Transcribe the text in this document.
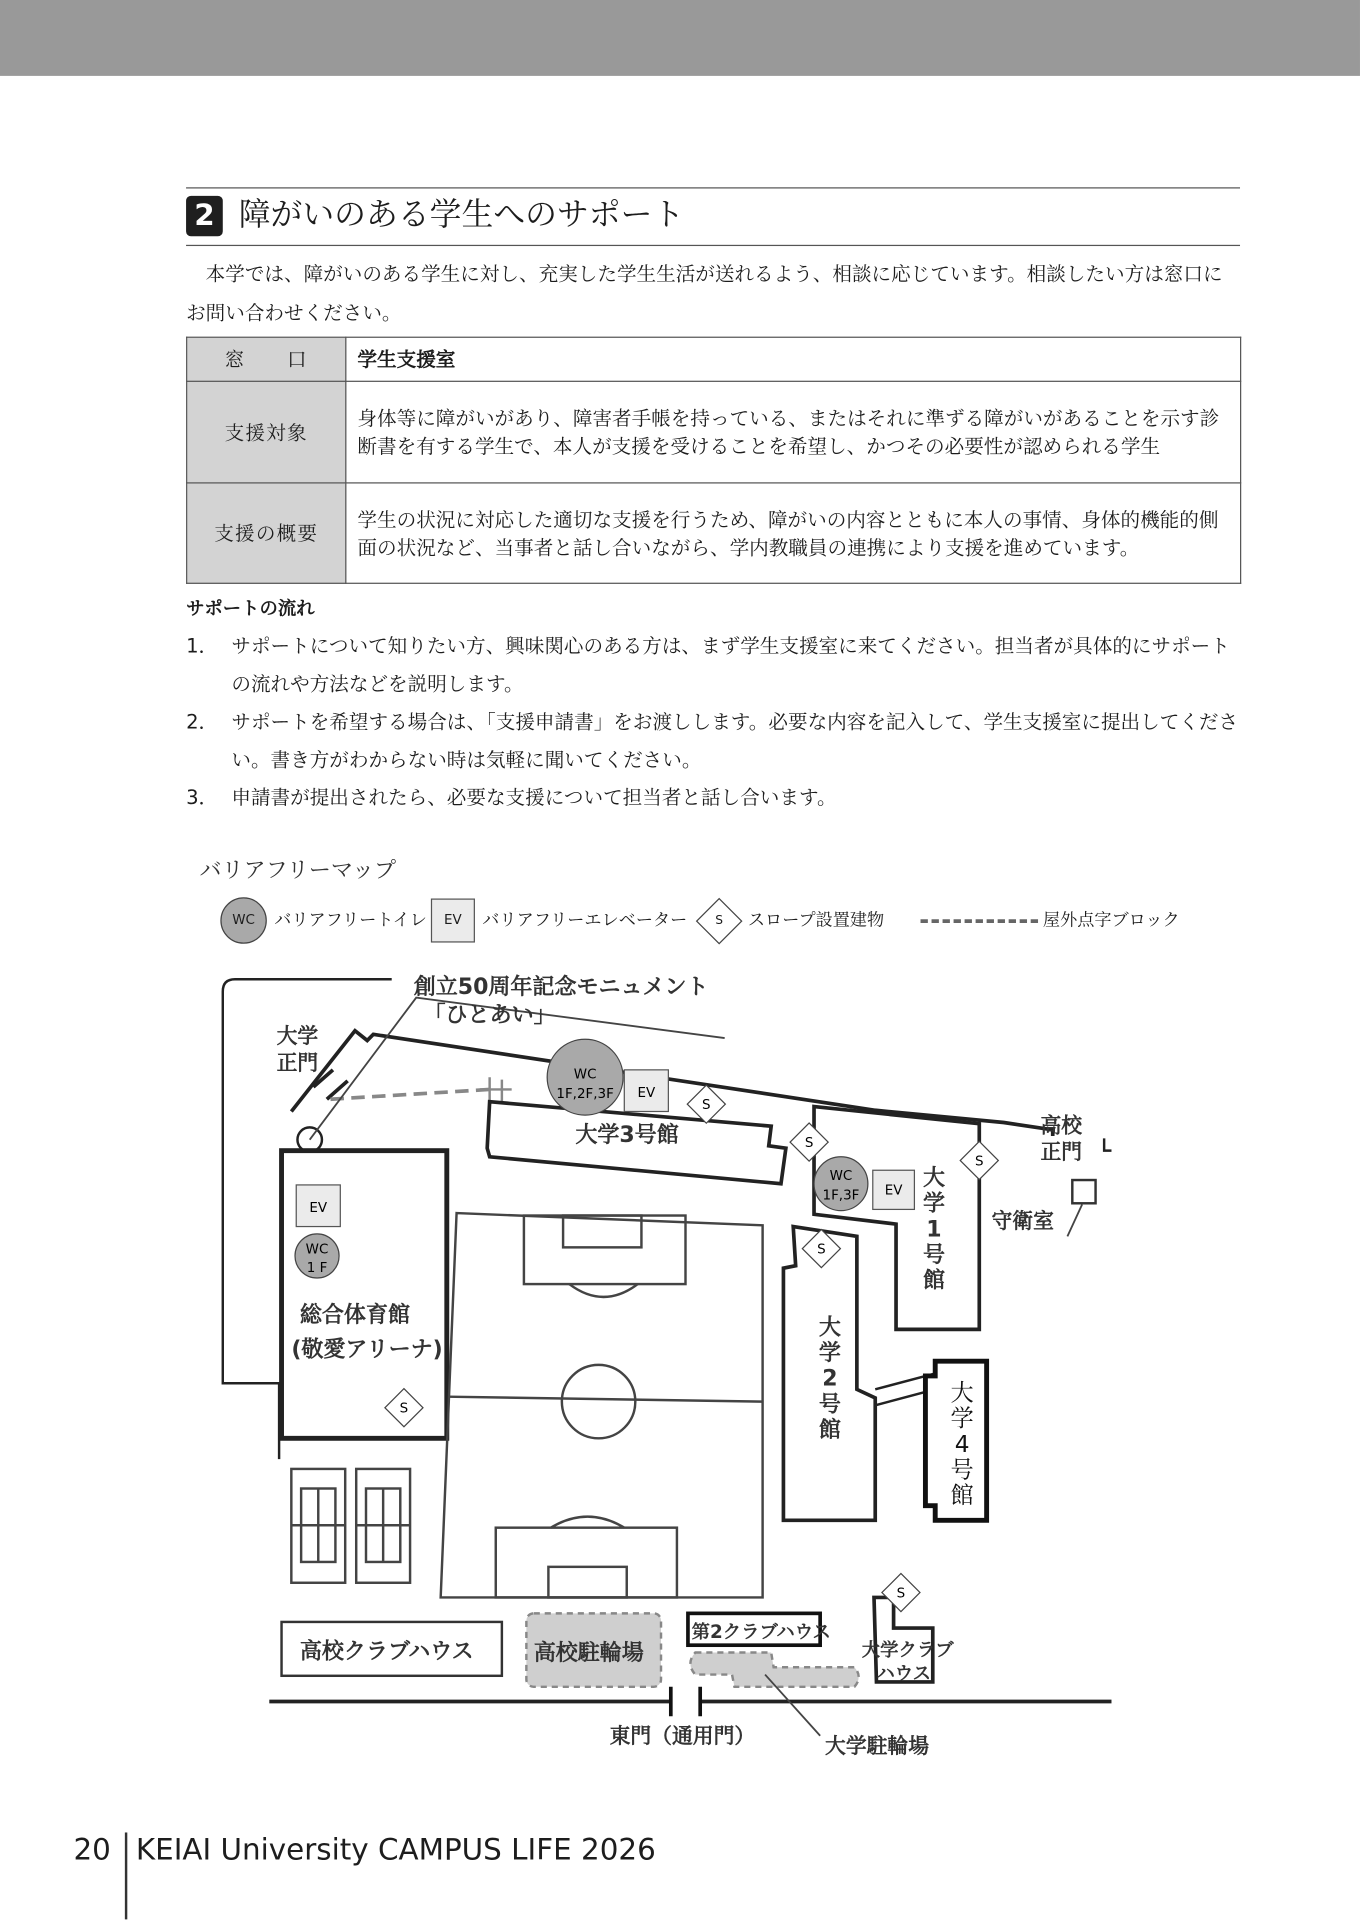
2 障がいのある学生へのサポート

本学では、障がいのある学生に対し、充実した学生生活が送れるよう、相談に応じています。相談したい方は窓口にお問い合わせください。

窓　　口	学生支援室
支援対象	身体等に障がいがあり、障害者手帳を持っている、またはそれに準ずる障がいがあることを示す診断書を有する学生で、本人が支援を受けることを希望し、かつその必要性が認められる学生
支援の概要	学生の状況に対応した適切な支援を行うため、障がいの内容とともに本人の事情、身体的機能的側面の状況など、当事者と話し合いながら、学内教職員の連携により支援を進めています。
サポートの流れ
1． サポートについて知りたい方、興味関心のある方は、まず学生支援室に来てください。担当者が具体的にサポートの流れや方法などを説明します。
2． サポートを希望する場合は、「支援申請書」をお渡しします。必要な内容を記入して、学生支援室に提出してください。書き方がわからない時は気軽に聞いてください。
3． 申請書が提出されたら、必要な支援について担当者と話し合います。
バリアフリーマップ
WC バリアフリートイレ	EV バリアフリーエレベーター	S	スロープ設置建物	屋外点字ブロック
創立50周年記念モニュメント
「ひとあい」
大学
正門
高校
正門
守衛室
大学3号館
大
学
1
号
館
大
学
2
号
館
大
学
4
号
館
総合体育館
(敬愛アリーナ)
高校クラブハウス	高校駐輪場
第2クラブハウス
大学駐輪場
大学クラブ
ハウス
東門（通用門）
WC
1F,2F,3F EV
WC
1F,3F EV
EV
WC
1 F
S
S
S
S
S
S
20 KEIAI University CAMPUS LIFE 2026
